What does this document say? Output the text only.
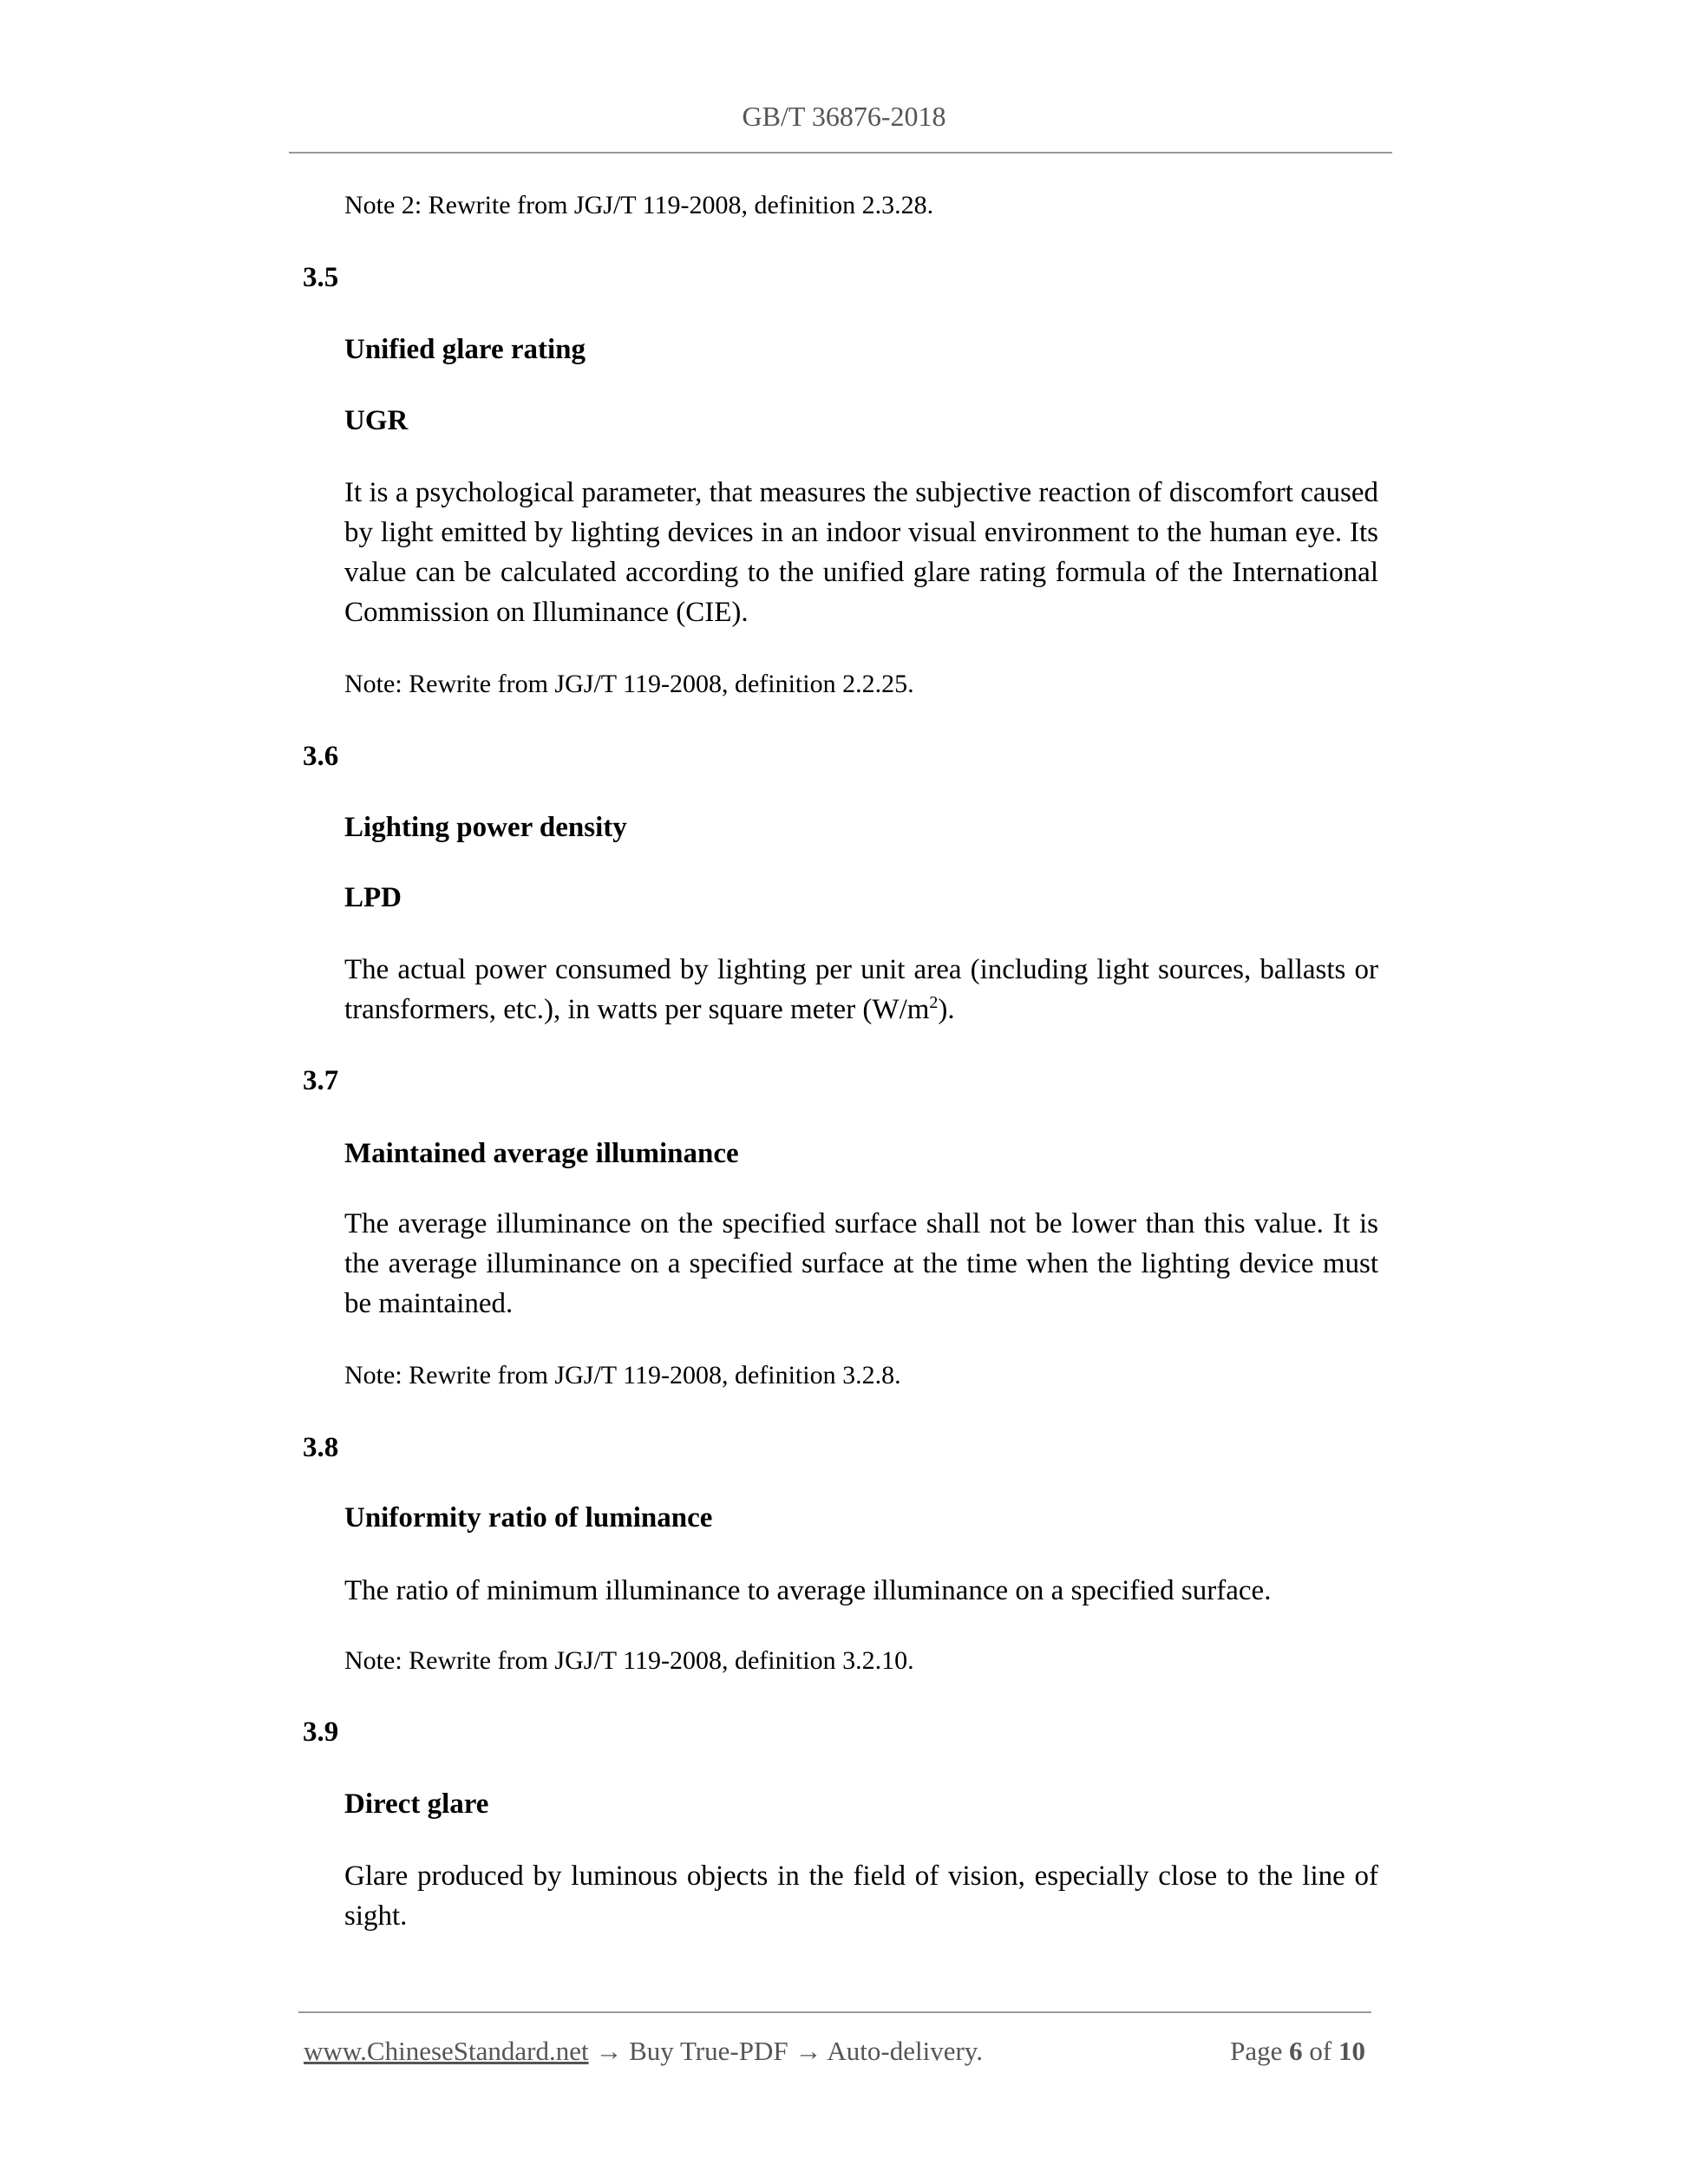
GB/T 36876-2018
Note 2: Rewrite from JGJ/T 119-2008, definition 2.3.28.
3.5
Unified glare rating
UGR
It is a psychological parameter, that measures the subjective reaction of discomfort caused by light emitted by lighting devices in an indoor visual environment to the human eye. Its value can be calculated according to the unified glare rating formula of the International Commission on Illuminance (CIE).
Note: Rewrite from JGJ/T 119-2008, definition 2.2.25.
3.6
Lighting power density
LPD
The actual power consumed by lighting per unit area (including light sources, ballasts or transformers, etc.), in watts per square meter $(W/m^2)$.
3.7
Maintained average illuminance
The average illuminance on the specified surface shall not be lower than this value. It is the average illuminance on a specified surface at the time when the lighting device must be maintained.
Note: Rewrite from JGJ/T 119-2008, definition 3.2.8.
3.8
Uniformity ratio of luminance
The ratio of minimum illuminance to average illuminance on a specified surface.
Note: Rewrite from JGJ/T 119-2008, definition 3.2.10.
3.9
Direct glare
Glare produced by luminous objects in the field of vision, especially close to the line of sight.
www.ChineseStandard.net → Buy True-PDF → Auto-delivery.	Page 6 of 10
